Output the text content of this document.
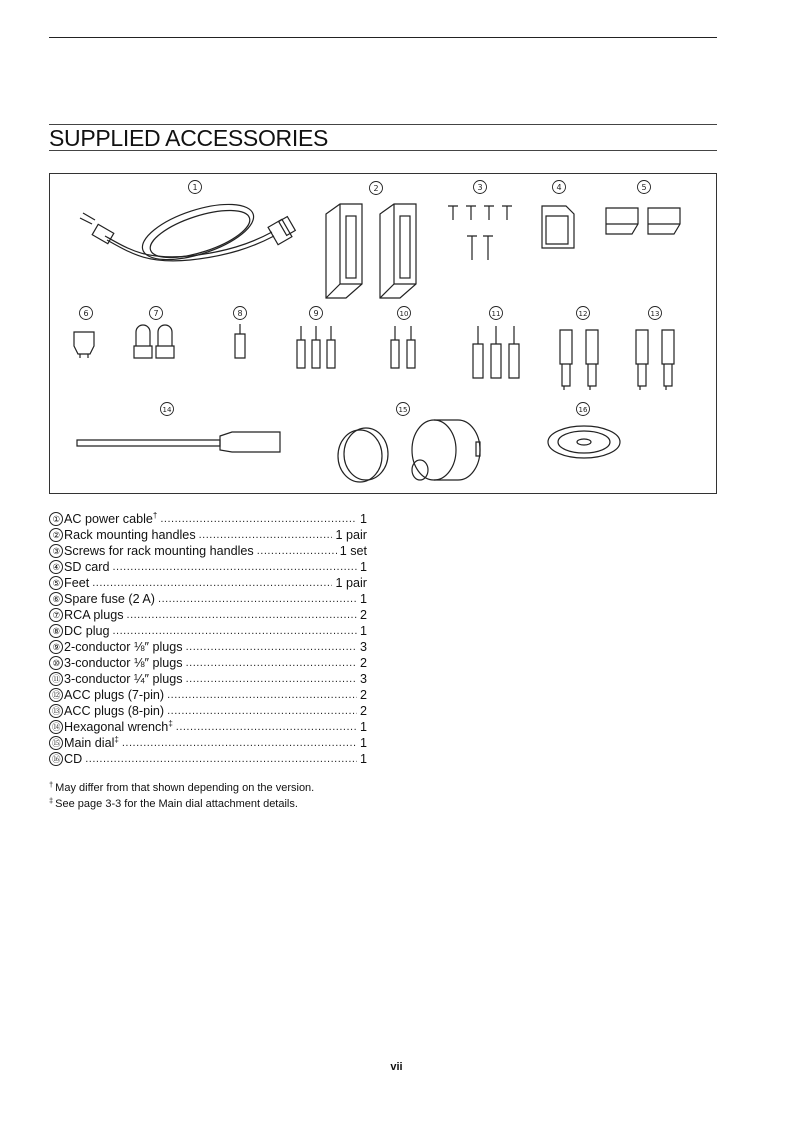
SUPPLIED ACCESSORIES
1	2	3	4	5
6	7	8	9	10	11	12	13
14	15	16
① AC power cable† .....	1
② Rack mounting handles .....	1 pair
③ Screws for rack mounting handles .....	1 set
④ SD card .....	1
⑤ Feet .....	1 pair
⑥ Spare fuse (2 A) .....	1
⑦ RCA plugs .....	2
⑧ DC plug .....	1
⑨ 2-conductor ⅛″ plugs .....	3
⑩ 3-conductor ⅛″ plugs .....	2
⑪ 3-conductor ¼″ plugs .....	3
⑫ ACC plugs (7-pin) .....	2
⑬ ACC plugs (8-pin) .....	2
⑭ Hexagonal wrench‡ .....	1
⑮ Main dial‡ .....	1
⑯ CD .....	1
† May differ from that shown depending on the version.
‡ See page 3-3 for the Main dial attachment details.
vii
